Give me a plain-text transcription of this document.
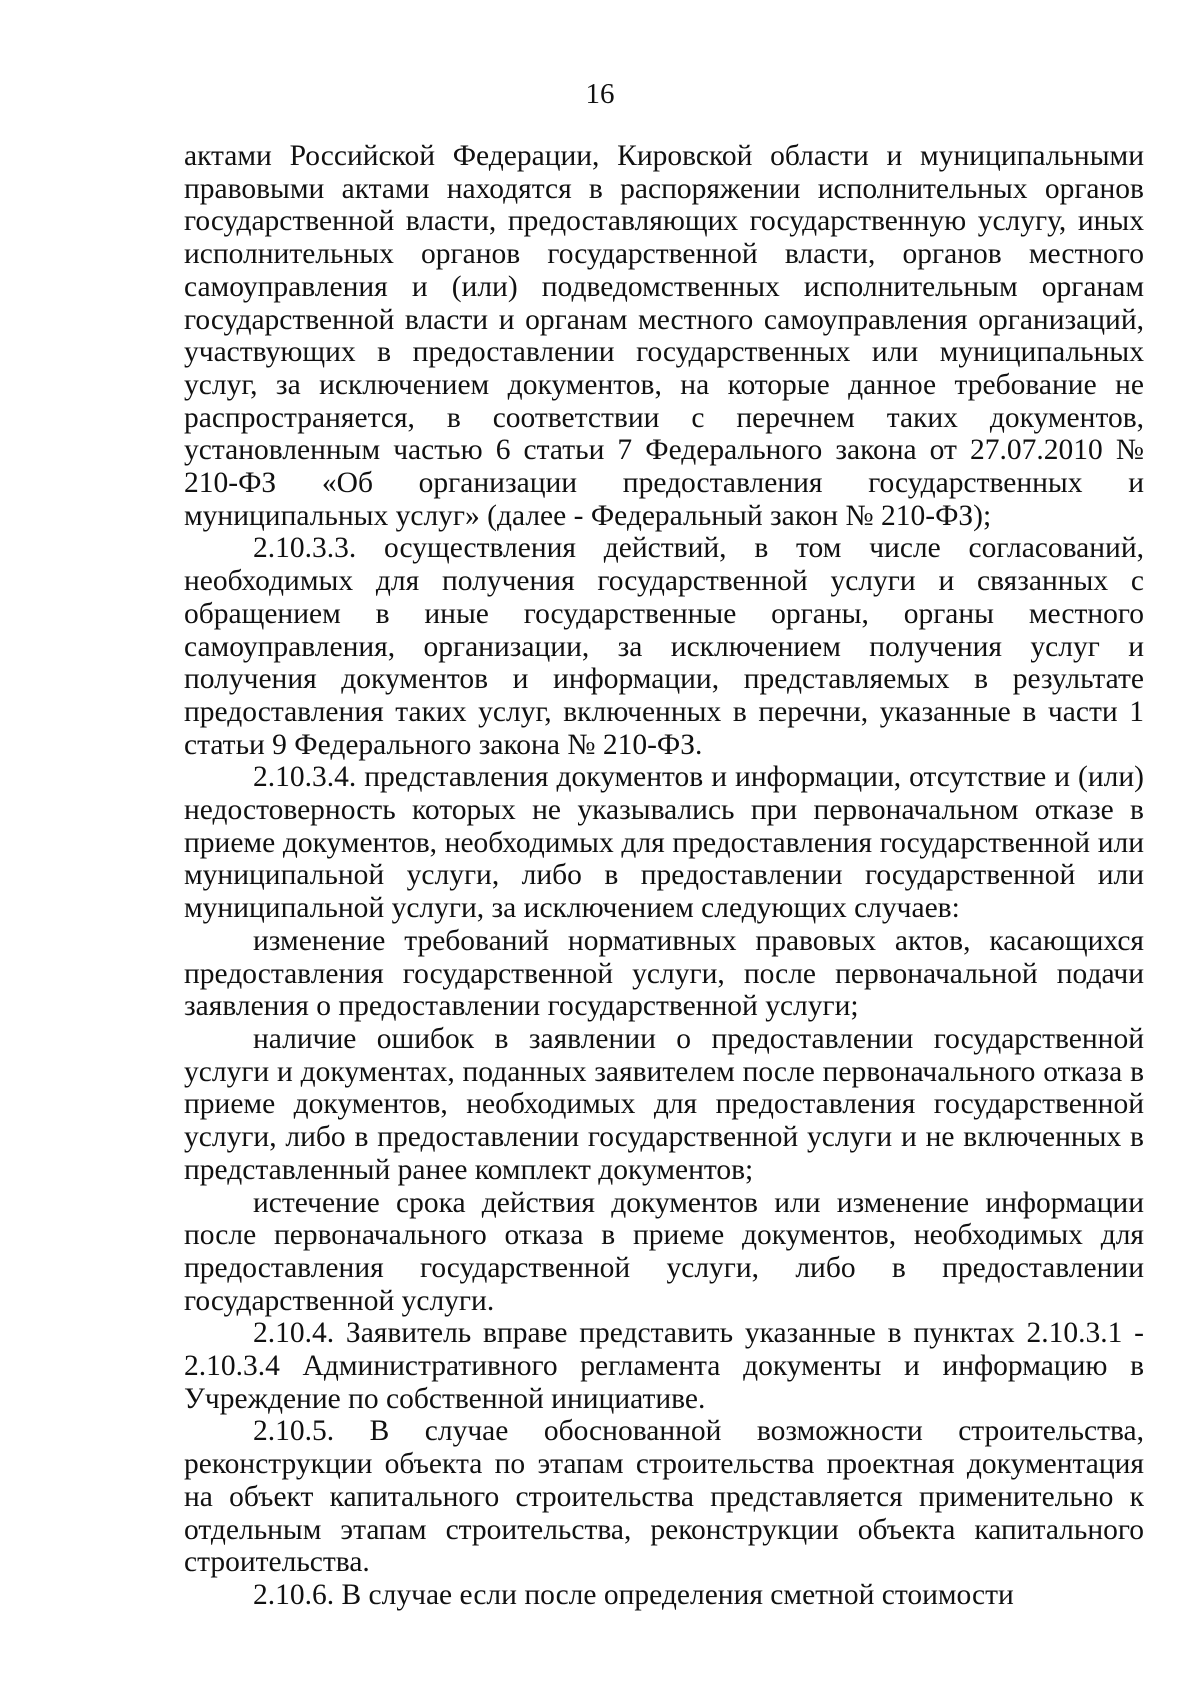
16

актами Российской Федерации, Кировской области и муниципальными правовыми актами находятся в распоряжении исполнительных органов государственной власти, предоставляющих государственную услугу, иных исполнительных органов государственной власти, органов местного самоуправления и (или) подведомственных исполнительным органам государственной власти и органам местного самоуправления организаций, участвующих в предоставлении государственных или муниципальных услуг, за исключением документов, на которые данное требование не распространяется, в соответствии с перечнем таких документов, установленным частью 6 статьи 7 Федерального закона от 27.07.2010 № 210-ФЗ «Об организации предоставления государственных и муниципальных услуг» (далее - Федеральный закон № 210-ФЗ);

2.10.3.3. осуществления действий, в том числе согласований, необходимых для получения государственной услуги и связанных с обращением в иные государственные органы, органы местного самоуправления, организации, за исключением получения услуг и получения документов и информации, представляемых в результате предоставления таких услуг, включенных в перечни, указанные в части 1 статьи 9 Федерального закона № 210-ФЗ.

2.10.3.4. представления документов и информации, отсутствие и (или) недостоверность которых не указывались при первоначальном отказе в приеме документов, необходимых для предоставления государственной или муниципальной услуги, либо в предоставлении государственной или муниципальной услуги, за исключением следующих случаев:

изменение требований нормативных правовых актов, касающихся предоставления государственной услуги, после первоначальной подачи заявления о предоставлении государственной услуги;

наличие ошибок в заявлении о предоставлении государственной услуги и документах, поданных заявителем после первоначального отказа в приеме документов, необходимых для предоставления государственной услуги, либо в предоставлении государственной услуги и не включенных в представленный ранее комплект документов;

истечение срока действия документов или изменение информации после первоначального отказа в приеме документов, необходимых для предоставления государственной услуги, либо в предоставлении государственной услуги.

2.10.4. Заявитель вправе представить указанные в пунктах 2.10.3.1 - 2.10.3.4 Административного регламента документы и информацию в Учреждение по собственной инициативе.

2.10.5. В случае обоснованной возможности строительства, реконструкции объекта по этапам строительства проектная документация на объект капитального строительства представляется применительно к отдельным этапам строительства, реконструкции объекта капитального строительства.

2.10.6. В случае если после определения сметной стоимости
